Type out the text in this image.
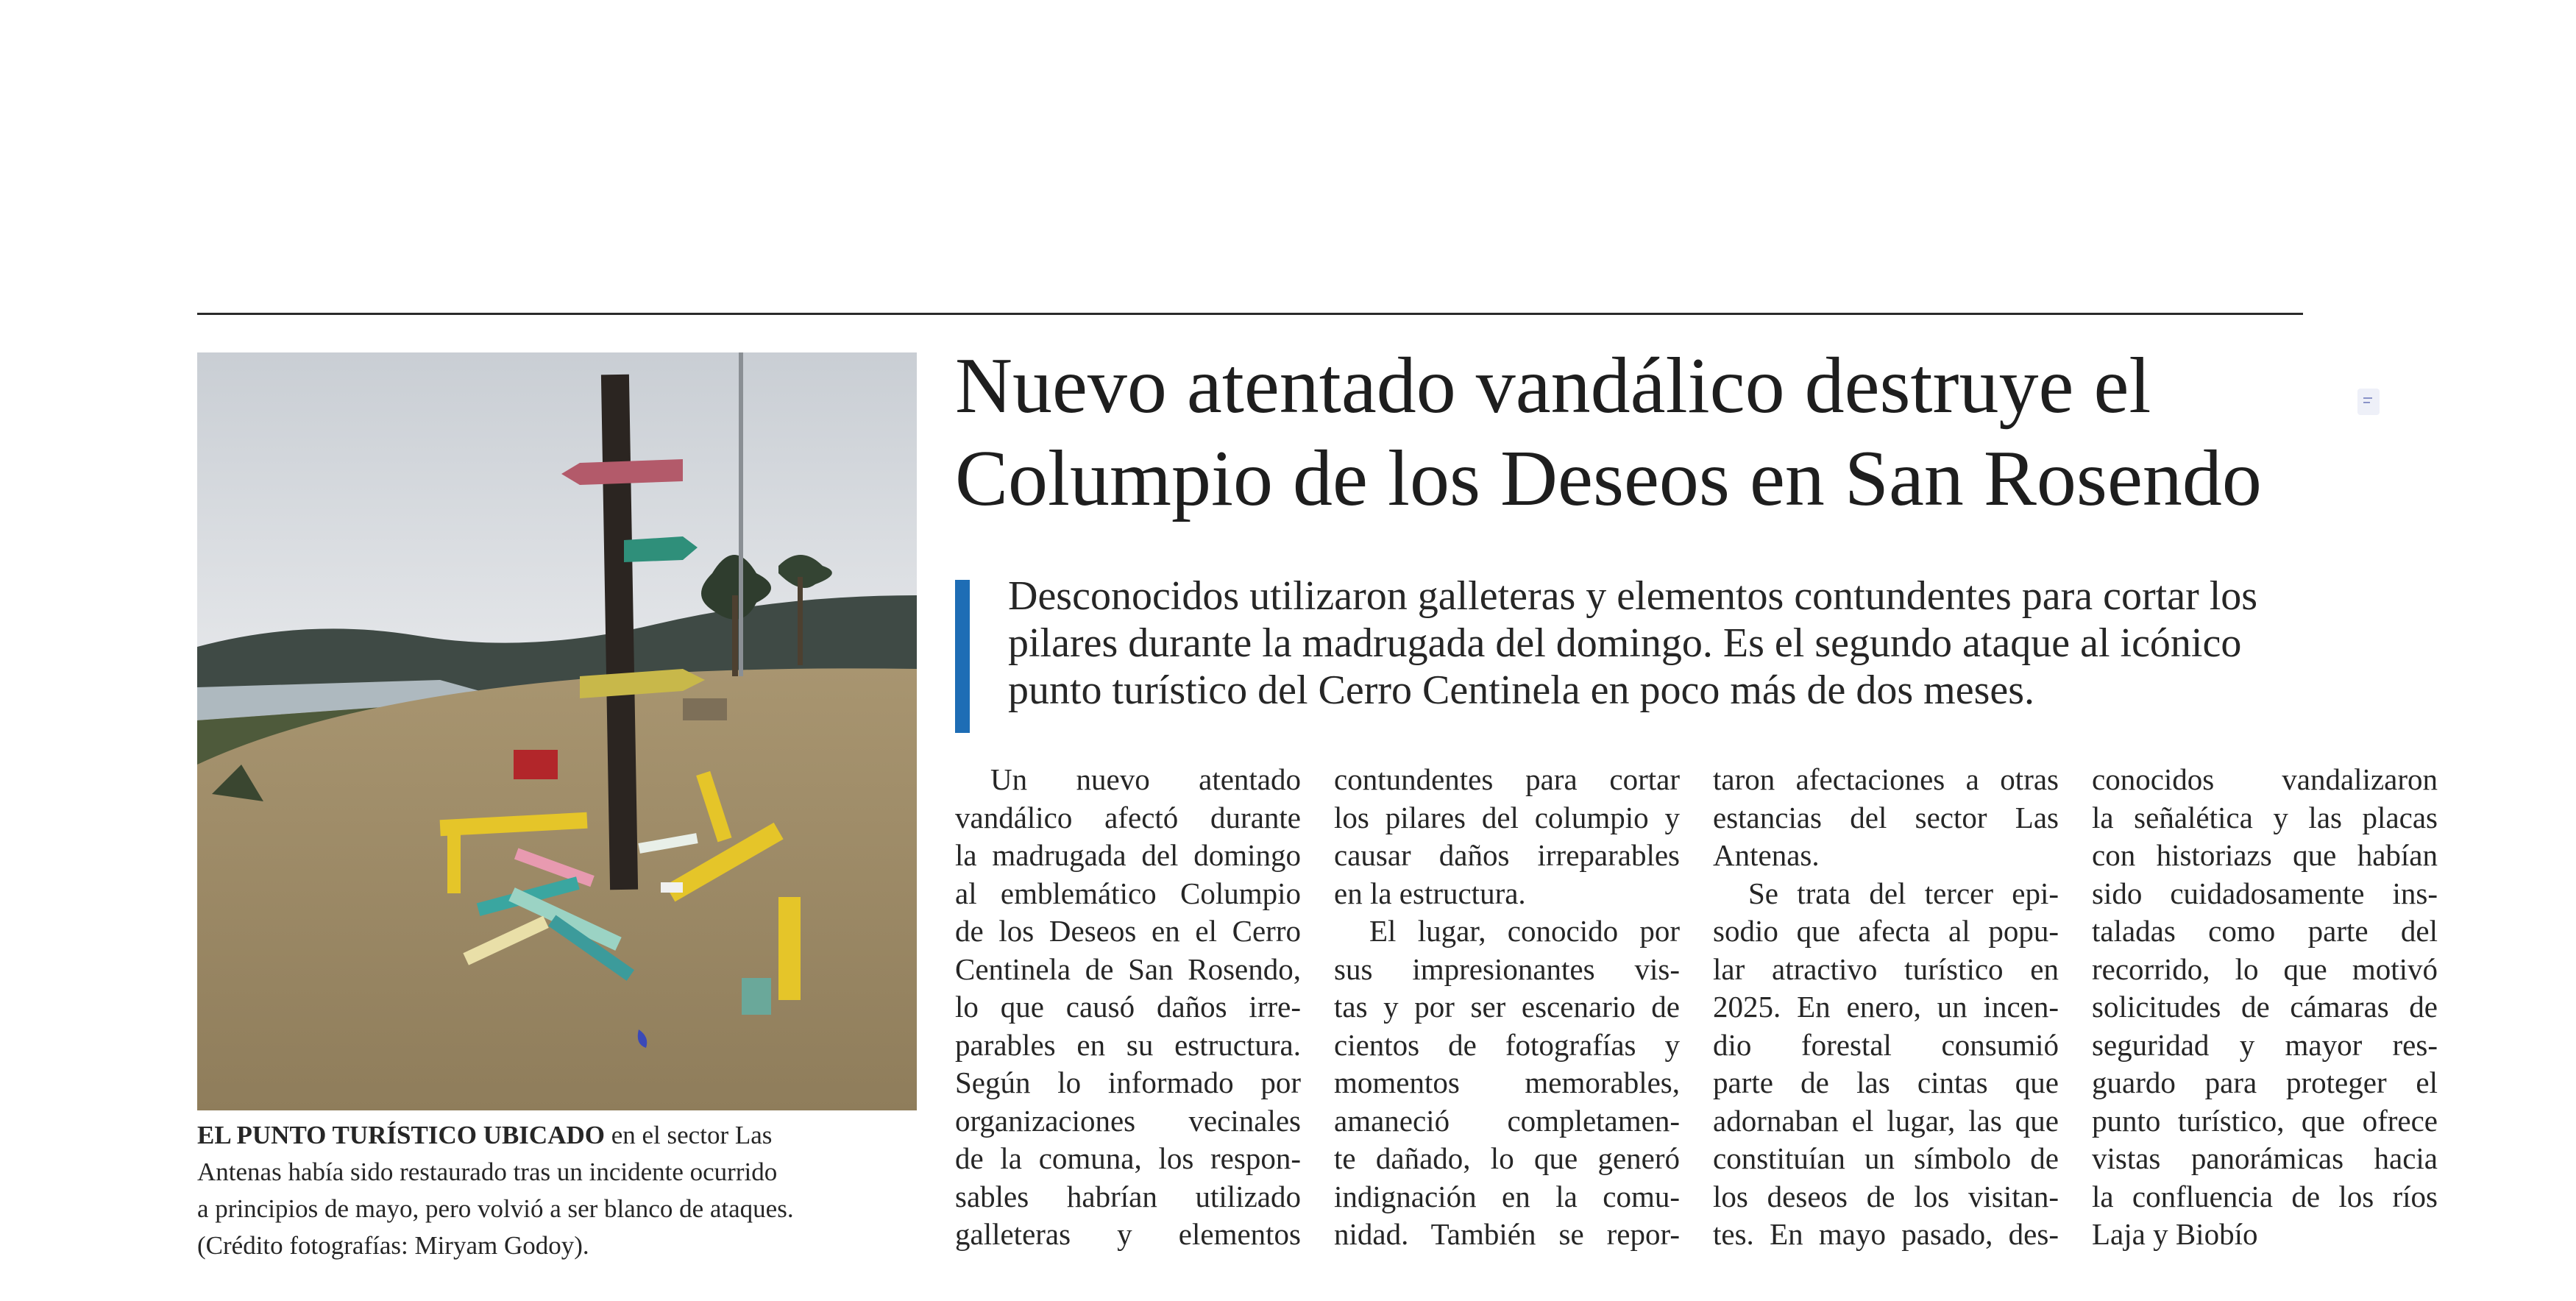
EL PUNTO TURÍSTICO UBICADO en el sector Las
Antenas había sido restaurado tras un incidente ocurrido
a principios de mayo, pero volvió a ser blanco de ataques.
(Crédito fotografías: Miryam Godoy).
Nuevo atentado vandálico destruye el
Columpio de los Deseos en San Rosendo
Desconocidos utilizaron galleteras y elementos contundentes para cortar los
pilares durante la madrugada del domingo. Es el segundo ataque al icónico
punto turístico del Cerro Centinela en poco más de dos meses.
Un nuevo atentado
vandálico afectó durante
la madrugada del domingo
al emblemático Columpio
de los Deseos en el Cerro
Centinela de San Rosendo,
lo que causó daños irre-
parables en su estructura.
Según lo informado por
organizaciones vecinales
de la comuna, los respon-
sables habrían utilizado
galleteras y elementos
contundentes para cortar
los pilares del columpio y
causar daños irreparables
en la estructura.
El lugar, conocido por
sus impresionantes vis-
tas y por ser escenario de
cientos de fotografías y
momentos memorables,
amaneció completamen-
te dañado, lo que generó
indignación en la comu-
nidad. También se repor-
taron afectaciones a otras
estancias del sector Las
Antenas.
Se trata del tercer epi-
sodio que afecta al popu-
lar atractivo turístico en
2025. En enero, un incen-
dio forestal consumió
parte de las cintas que
adornaban el lugar, las que
constituían un símbolo de
los deseos de los visitan-
tes. En mayo pasado, des-
conocidos vandalizaron
la señalética y las placas
con historiazs que habían
sido cuidadosamente ins-
taladas como parte del
recorrido, lo que motivó
solicitudes de cámaras de
seguridad y mayor res-
guardo para proteger el
punto turístico, que ofrece
vistas panorámicas hacia
la confluencia de los ríos
Laja y Biobío
